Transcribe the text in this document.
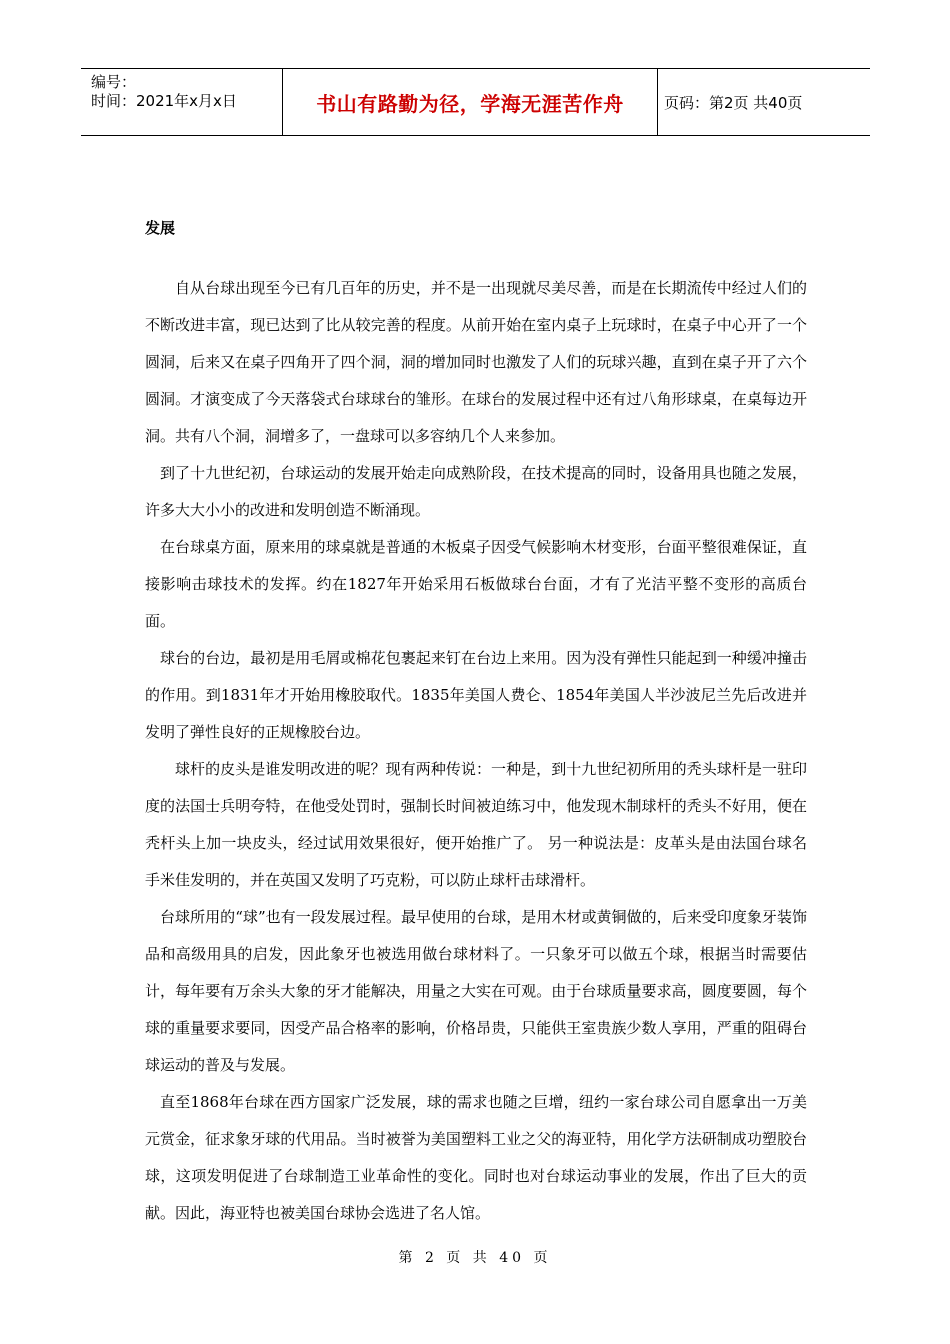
编号：
时间：2021年x月x日	书山有路勤为径，学海无涯苦作舟	页码：第2页 共40页
发展

自从台球出现至今已有几百年的历史，并不是一出现就尽美尽善，而是在长期流传中经过人们的不断改进丰富，现已达到了比从较完善的程度。从前开始在室内桌子上玩球时，在桌子中心开了一个圆洞，后来又在桌子四角开了四个洞，洞的增加同时也激发了人们的玩球兴趣，直到在桌子开了六个圆洞。才演变成了今天落袋式台球球台的雏形。在球台的发展过程中还有过八角形球桌，在桌每边开洞。共有八个洞，洞增多了，一盘球可以多容纳几个人来参加。

到了十九世纪初，台球运动的发展开始走向成熟阶段，在技术提高的同时，设备用具也随之发展，许多大大小小的改进和发明创造不断涌现。

在台球桌方面，原来用的球桌就是普通的木板桌子因受气候影响木材变形，台面平整很难保证，直接影响击球技术的发挥。约在1827年开始采用石板做球台台面，才有了光洁平整不变形的高质台面。

球台的台边，最初是用毛屑或棉花包裹起来钉在台边上来用。因为没有弹性只能起到一种缓冲撞击的作用。到1831年才开始用橡胶取代。1835年美国人费仑、1854年美国人半沙波尼兰先后改进并发明了弹性良好的正规橡胶台边。

球杆的皮头是谁发明改进的呢？现有两种传说：一种是，到十九世纪初所用的秃头球杆是一驻印度的法国士兵明夸特，在他受处罚时，强制长时间被迫练习中，他发现木制球杆的秃头不好用，便在秃杆头上加一块皮头，经过试用效果很好，便开始推广了。 另一种说法是：皮革头是由法国台球名手米佳发明的，并在英国又发明了巧克粉，可以防止球杆击球滑杆。

台球所用的“球”也有一段发展过程。最早使用的台球，是用木材或黄铜做的，后来受印度象牙装饰品和高级用具的启发，因此象牙也被选用做台球材料了。一只象牙可以做五个球，根据当时需要估计，每年要有万余头大象的牙才能解决，用量之大实在可观。由于台球质量要求高，圆度要圆，每个球的重量要求要同，因受产品合格率的影响，价格昂贵，只能供王室贵族少数人享用，严重的阻碍台球运动的普及与发展。

直至1868年台球在西方国家广泛发展，球的需求也随之巨增，纽约一家台球公司自愿拿出一万美元赏金，征求象牙球的代用品。当时被誉为美国塑料工业之父的海亚特，用化学方法研制成功塑胶台球，这项发明促进了台球制造工业革命性的变化。同时也对台球运动事业的发展，作出了巨大的贡献。因此，海亚特也被美国台球协会选进了名人馆。

第 2 页 共 40 页
